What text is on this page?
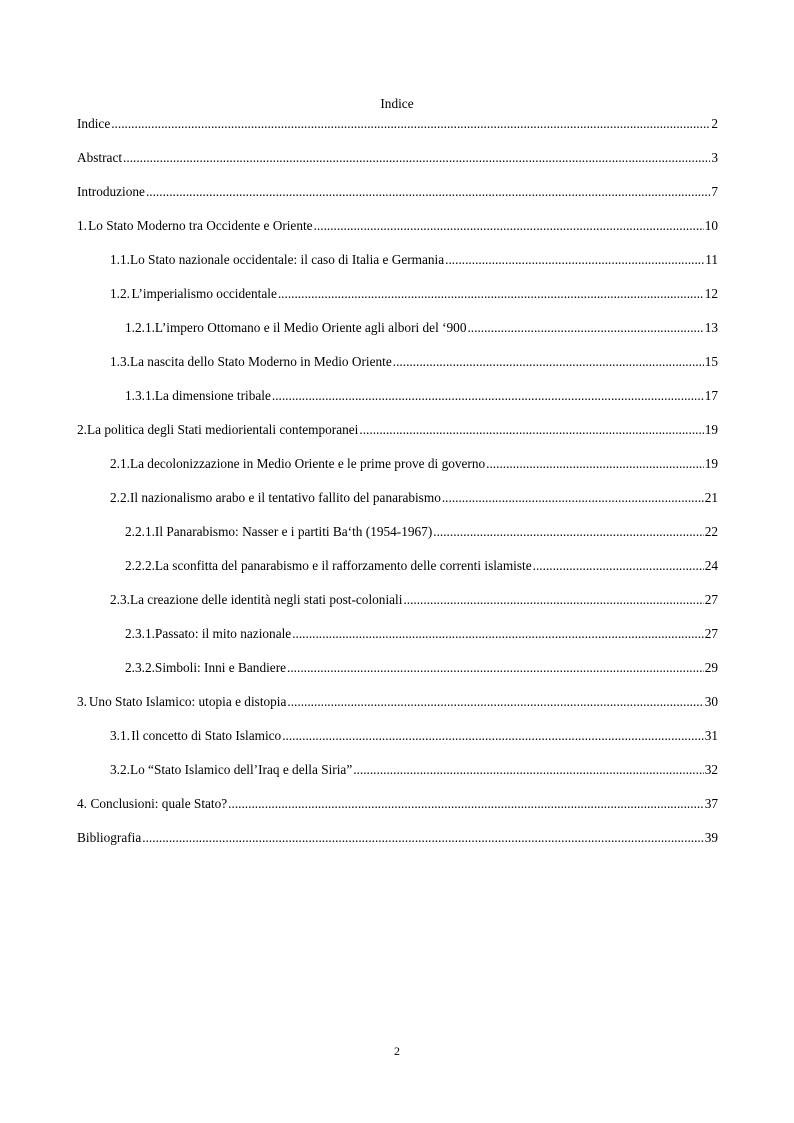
Indice
Indice .....	2
Abstract .....	3
Introduzione .....	7
1. Lo Stato Moderno tra Occidente e Oriente .....	10
1.1. Lo Stato nazionale occidentale: il caso di Italia e Germania .....	11
1.2. L’imperialismo occidentale .....	12
1.2.1. L’impero Ottomano e il Medio Oriente agli albori del ‘900 .....	13
1.3. La nascita dello Stato Moderno in Medio Oriente .....	15
1.3.1. La dimensione tribale .....	17
2. La politica degli Stati mediorientali contemporanei .....	19
2.1. La decolonizzazione in Medio Oriente e le prime prove di governo .....	19
2.2. Il nazionalismo arabo e il tentativo fallito del panarabismo .....	21
2.2.1. Il Panarabismo: Nasser e i partiti Ba‘th (1954-1967) .....	22
2.2.2. La sconfitta del panarabismo e il rafforzamento delle correnti islamiste .....	24
2.3. La creazione delle identità negli stati post-coloniali .....	27
2.3.1. Passato: il mito nazionale .....	27
2.3.2. Simboli: Inni e Bandiere .....	29
3. Uno Stato Islamico: utopia e distopia .....	30
3.1. Il concetto di Stato Islamico .....	31
3.2. Lo “Stato Islamico dell’Iraq e della Siria” .....	32
4. Conclusioni: quale Stato? .....	37
Bibliografia .....	39
2
